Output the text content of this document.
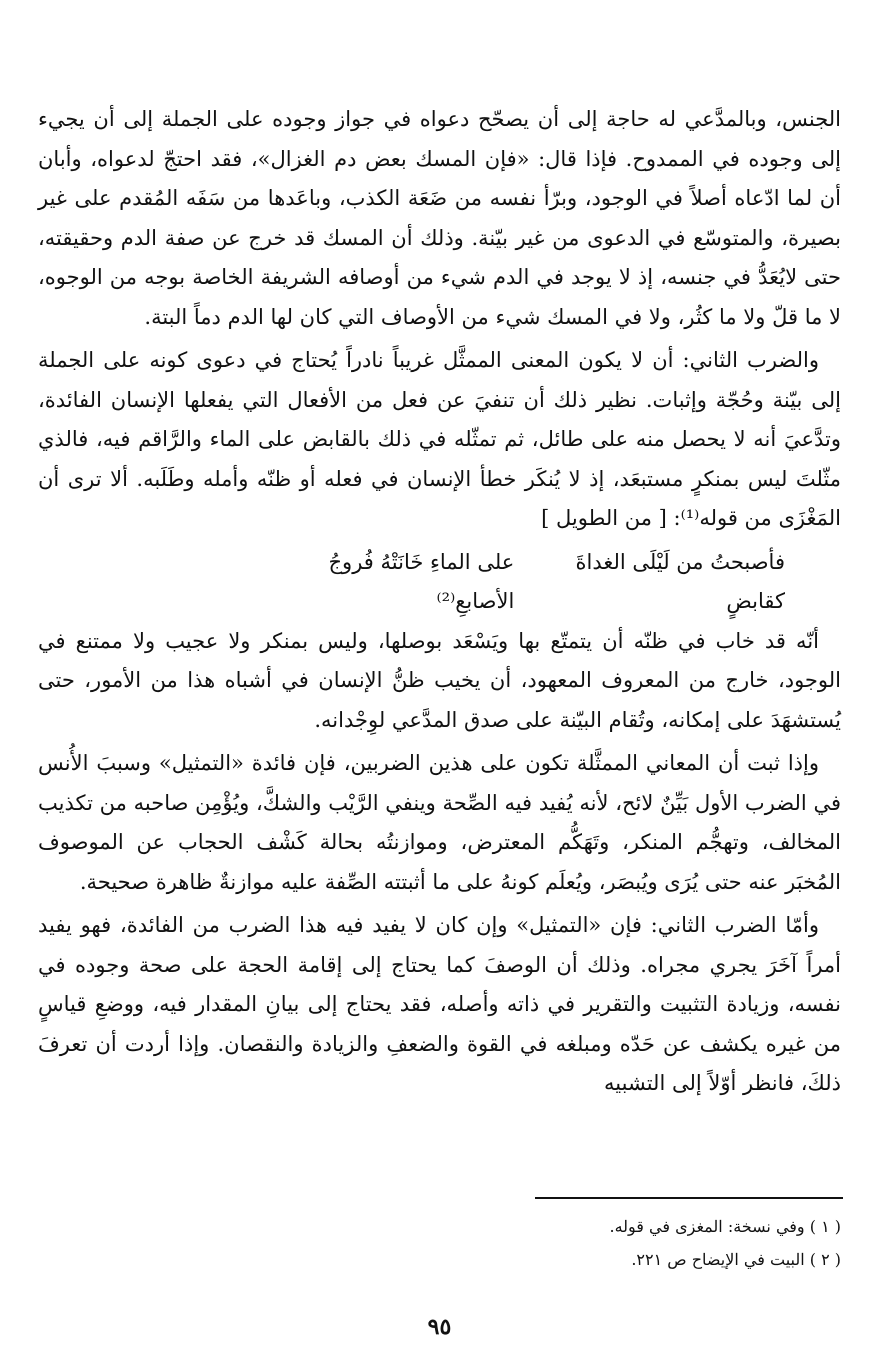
الجنس، وبالمدَّعي له حاجة إلى أن يصحّح دعواه في جواز وجوده على الجملة إلى أن يجيء إلى وجوده في الممدوح. فإذا قال: «فإن المسك بعض دم الغزال»، فقد احتجّ لدعواه، وأبان أن لما ادّعاه أصلاً في الوجود، وبرّأ نفسه من ضَعَة الكذب، وباعَدها من سَفَه المُقدم على غير بصيرة، والمتوسّع في الدعوى من غير بيّنة. وذلك أن المسك قد خرج عن صفة الدم وحقيقته، حتى لايُعَدُّ في جنسه، إذ لا يوجد في الدم شيء من أوصافه الشريفة الخاصة بوجه من الوجوه، لا ما قلّ ولا ما كثُر، ولا في المسك شيء من الأوصاف التي كان لها الدم دماً البتة.

والضرب الثاني: أن لا يكون المعنى الممثَّل غريباً نادراً يُحتاج في دعوى كونه على الجملة إلى بيّنة وحُجّة وإثبات. نظير ذلك أن تنفيَ عن فعل من الأفعال التي يفعلها الإنسان الفائدة، وتدَّعيَ أنه لا يحصل منه على طائل، ثم تمثّله في ذلك بالقابض على الماء والرَّاقم فيه، فالذي مثّلتَ ليس بمنكرٍ مستبعَد، إذ لا يُنكَر خطأ الإنسان في فعله أو ظنّه وأمله وطَلَبه. ألا ترى أن المَغْزَى من قوله⁽¹⁾: [ من الطويل ]

فأصبحتُ من لَيْلَى الغداةَ كقابضٍ
على الماءِ خَانَتْهُ فُروجُ الأصابعِ⁽²⁾

أنّه قد خاب في ظنّه أن يتمتّع بها ويَسْعَد بوصلها، وليس بمنكر ولا عجيب ولا ممتنع في الوجود، خارج من المعروف المعهود، أن يخيب ظنُّ الإنسان في أشباه هذا من الأمور، حتى يُستشهَدَ على إمكانه، وتُقام البيّنة على صدق المدَّعي لوِجْدانه.

وإذا ثبت أن المعاني الممثَّلة تكون على هذين الضربين، فإن فائدة «التمثيل» وسببَ الأُنس في الضرب الأول بَيِّنٌ لائح، لأنه يُفيد فيه الصِّحة وينفي الرَّيْب والشكَّ، ويُؤْمِن صاحبه من تكذيب المخالف، وتهجُّم المنكر، وتَهَكُّم المعترض، وموازنتُه بحالة كَشْف الحجاب عن الموصوف المُخبَر عنه حتى يُرَى ويُبصَر، ويُعلَم كونهُ على ما أثبتته الصِّفة عليه موازنةٌ ظاهرة صحيحة.

وأمّا الضرب الثاني: فإن «التمثيل» وإن كان لا يفيد فيه هذا الضرب من الفائدة، فهو يفيد أمراً آخَرَ يجري مجراه. وذلك أن الوصفَ كما يحتاج إلى إقامة الحجة على صحة وجوده في نفسه، وزيادة التثبيت والتقرير في ذاته وأصله، فقد يحتاج إلى بيانِ المقدار فيه، ووضعِ قياسٍ من غيره يكشف عن حَدّه ومبلغه في القوة والضعفِ والزيادة والنقصان. وإذا أردت أن تعرفَ ذلكَ، فانظر أوّلاً إلى التشبيه

( ١ ) وفي نسخة: المغزى في قوله.

( ٢ ) البيت في الإيضاح ص ٢٢١.

٩٥
